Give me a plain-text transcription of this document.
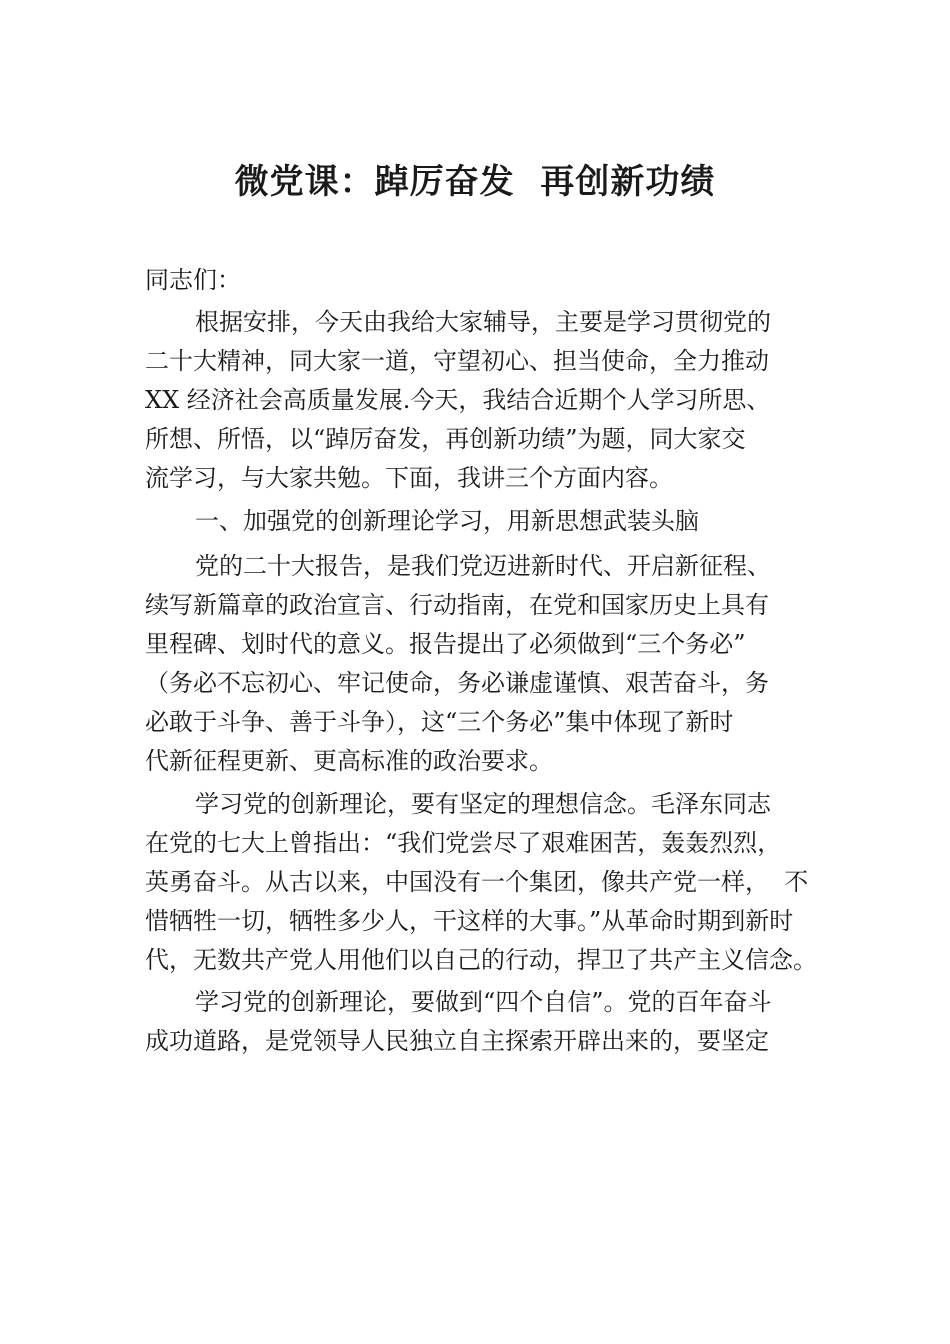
微党课：踔厉奋发  再创新功绩
同志们：
根据安排，今天由我给大家辅导，主要是学习贯彻党的
二十大精神，同大家一道，守望初心、担当使命，全力推动
XX 经济社会高质量发展.今天，我结合近期个人学习所思、
所想、所悟，以“踔厉奋发，再创新功绩”为题，同大家交
流学习，与大家共勉。下面，我讲三个方面内容。
一、加强党的创新理论学习，用新思想武装头脑
党的二十大报告，是我们党迈进新时代、开启新征程、
续写新篇章的政治宣言、行动指南，在党和国家历史上具有
里程碑、划时代的意义。报告提出了必须做到“三个务必”
（务必不忘初心、牢记使命，务必谦虚谨慎、艰苦奋斗，务
必敢于斗争、善于斗争），这“三个务必”集中体现了新时
代新征程更新、更高标准的政治要求。
学习党的创新理论，要有坚定的理想信念。毛泽东同志
在党的七大上曾指出：“我们党尝尽了艰难困苦，轰轰烈烈，
英勇奋斗。从古以来，中国没有一个集团，像共产党一样，  不
惜牺牲一切，牺牲多少人，干这样的大事。”从革命时期到新时
代，无数共产党人用他们以自己的行动，捍卫了共产主义信念。
学习党的创新理论，要做到“四个自信”。党的百年奋斗
成功道路，是党领导人民独立自主探索开辟出来的，要坚定
